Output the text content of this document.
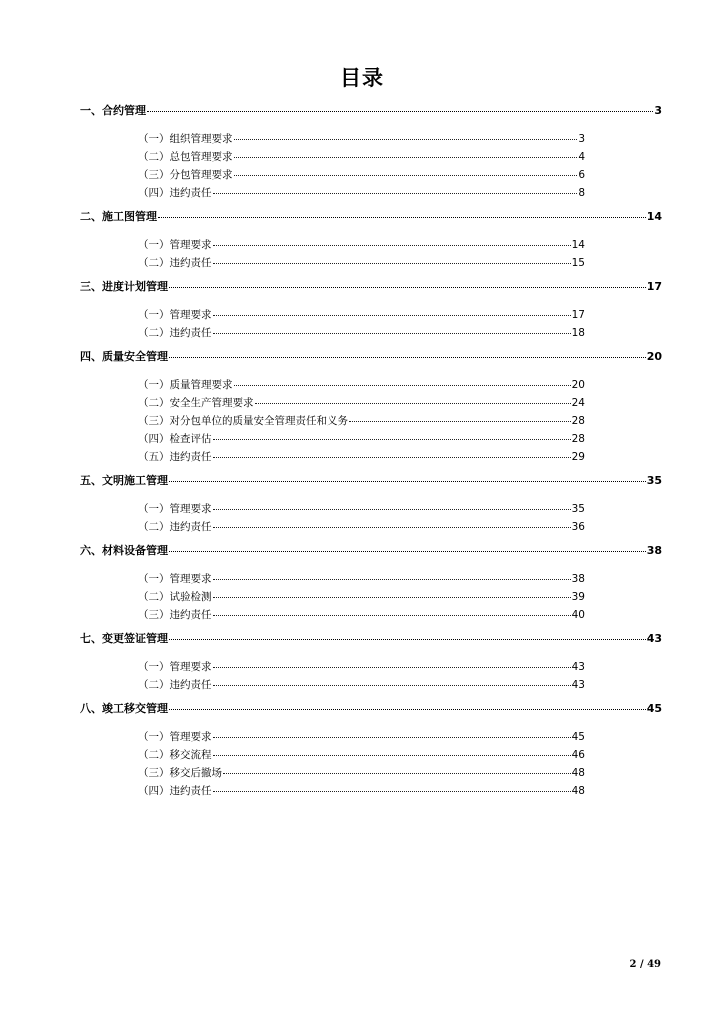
目录
一、合约管理	3
（一）组织管理要求	3
（二）总包管理要求	4
（三）分包管理要求	6
（四）违约责任	8
二、施工图管理	14
（一）管理要求	14
（二）违约责任	15
三、进度计划管理	17
（一）管理要求	17
（二）违约责任	18
四、质量安全管理	20
（一）质量管理要求	20
（二）安全生产管理要求	24
（三）对分包单位的质量安全管理责任和义务	28
（四）检查评估	28
（五）违约责任	29
五、文明施工管理	35
（一）管理要求	35
（二）违约责任	36
六、材料设备管理	38
（一）管理要求	38
（二）试验检测	39
（三）违约责任	40
七、变更签证管理	43
（一）管理要求	43
（二）违约责任	43
八、竣工移交管理	45
（一）管理要求	45
（二）移交流程	46
（三）移交后撤场	48
（四）违约责任	48
2 / 49
